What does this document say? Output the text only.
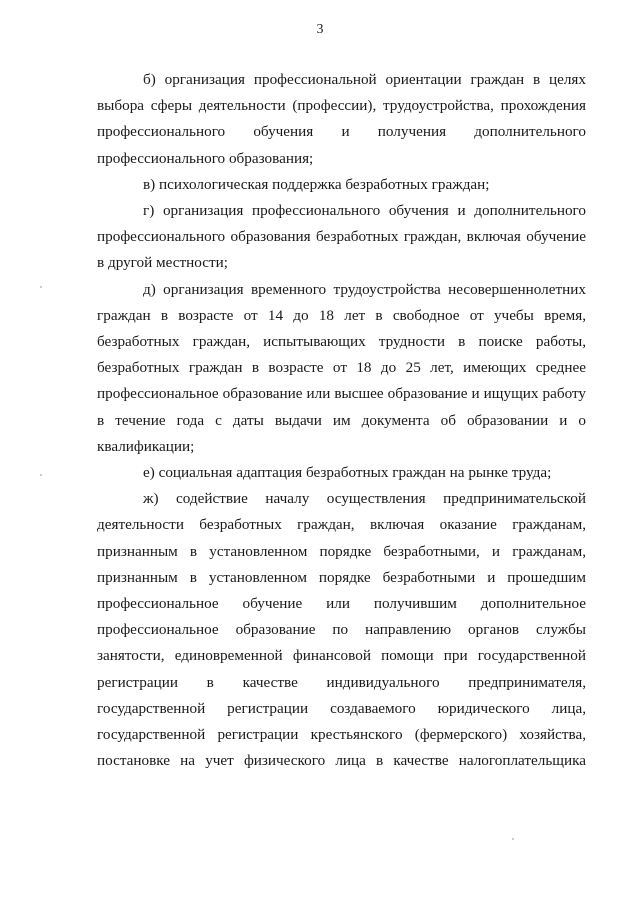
3

б) организация профессиональной ориентации граждан в целях выбора сферы деятельности (профессии), трудоустройства, прохождения профессионального обучения и получения дополнительного профессионального образования;

в) психологическая поддержка безработных граждан;

г) организация профессионального обучения и дополнительного профессионального образования безработных граждан, включая обучение в другой местности;

д) организация временного трудоустройства несовершеннолетних граждан в возрасте от 14 до 18 лет в свободное от учебы время, безработных граждан, испытывающих трудности в поиске работы, безработных граждан в возрасте от 18 до 25 лет, имеющих среднее профессиональное образование или высшее образование и ищущих работу в течение года с даты выдачи им документа об образовании и о квалификации;

е) социальная адаптация безработных граждан на рынке труда;

ж) содействие началу осуществления предпринимательской деятельности безработных граждан, включая оказание гражданам, признанным в установленном порядке безработными, и гражданам, признанным в установленном порядке безработными и прошедшим профессиональное обучение или получившим дополнительное профессиональное образование по направлению органов службы занятости, единовременной финансовой помощи при государственной регистрации в качестве индивидуального предпринимателя, государственной регистрации создаваемого юридического лица, государственной регистрации крестьянского (фермерского) хозяйства, постановке на учет физического лица в качестве налогоплательщика
